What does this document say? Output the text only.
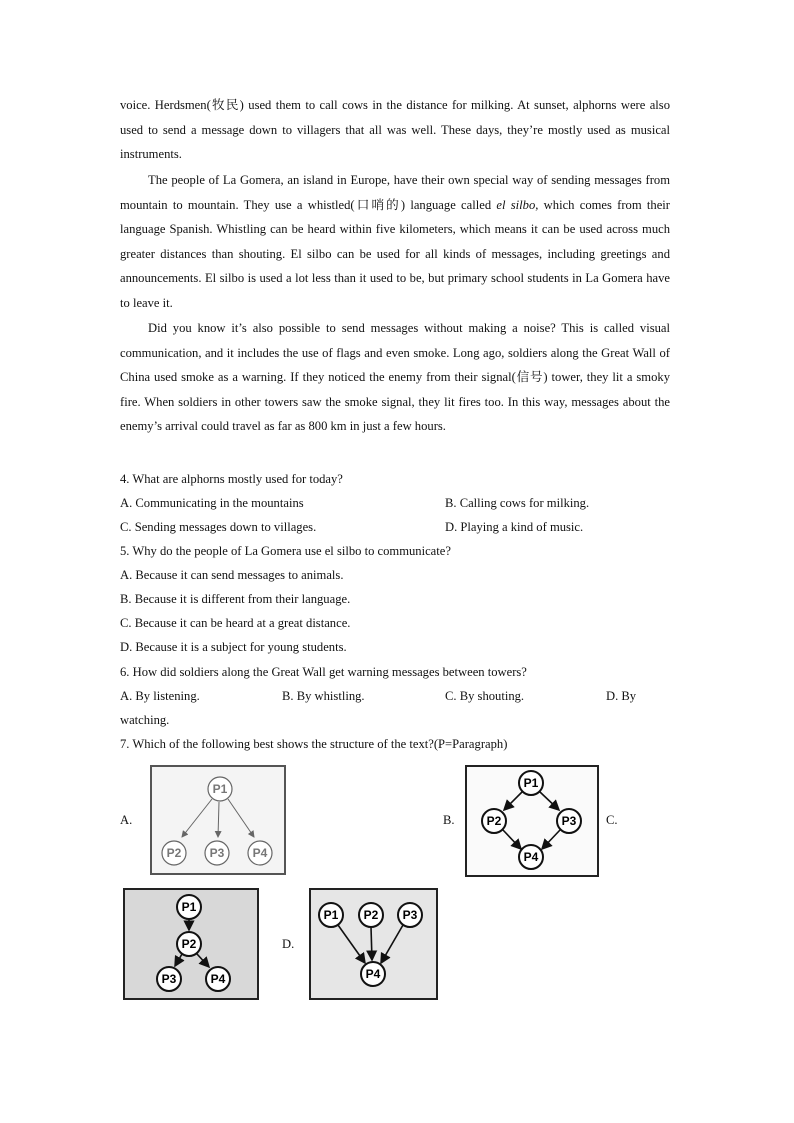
voice. Herdsmen(牧民) used them to call cows in the distance for milking. At sunset, alphorns were also used to send a message down to villagers that all was well. These days, they’re mostly used as musical instruments.
The people of La Gomera, an island in Europe, have their own special way of sending messages from mountain to mountain. They use a whistled(口哨的) language called el silbo, which comes from their language Spanish. Whistling can be heard within five kilometers, which means it can be used across much greater distances than shouting. El silbo can be used for all kinds of messages, including greetings and announcements. El silbo is used a lot less than it used to be, but primary school students in La Gomera have to leave it.
Did you know it’s also possible to send messages without making a noise? This is called visual communication, and it includes the use of flags and even smoke. Long ago, soldiers along the Great Wall of China used smoke as a warning. If they noticed the enemy from their signal(信号) tower, they lit a smoky fire. When soldiers in other towers saw the smoke signal, they lit fires too. In this way, messages about the enemy’s arrival could travel as far as 800 km in just a few hours.
4. What are alphorns mostly used for today?
A. Communicating in the mountains	B. Calling cows for milking.
C. Sending messages down to villages.	D. Playing a kind of music.
5. Why do the people of La Gomera use el silbo to communicate?
A. Because it can send messages to animals.
B. Because it is different from their language.
C. Because it can be heard at a great distance.
D. Because it is a subject for young students.
6. How did soldiers along the Great Wall get warning messages between towers?
A. By listening.	B. By whistling.	C. By shouting.	D. By
watching.
7. Which of the following best shows the structure of the text?(P=Paragraph)
A.
P1
P2 P3 P4
B.
P1
P2	P3
P4
C.
P1
P2
P3	P4
D.
P1 P2 P3
P4
